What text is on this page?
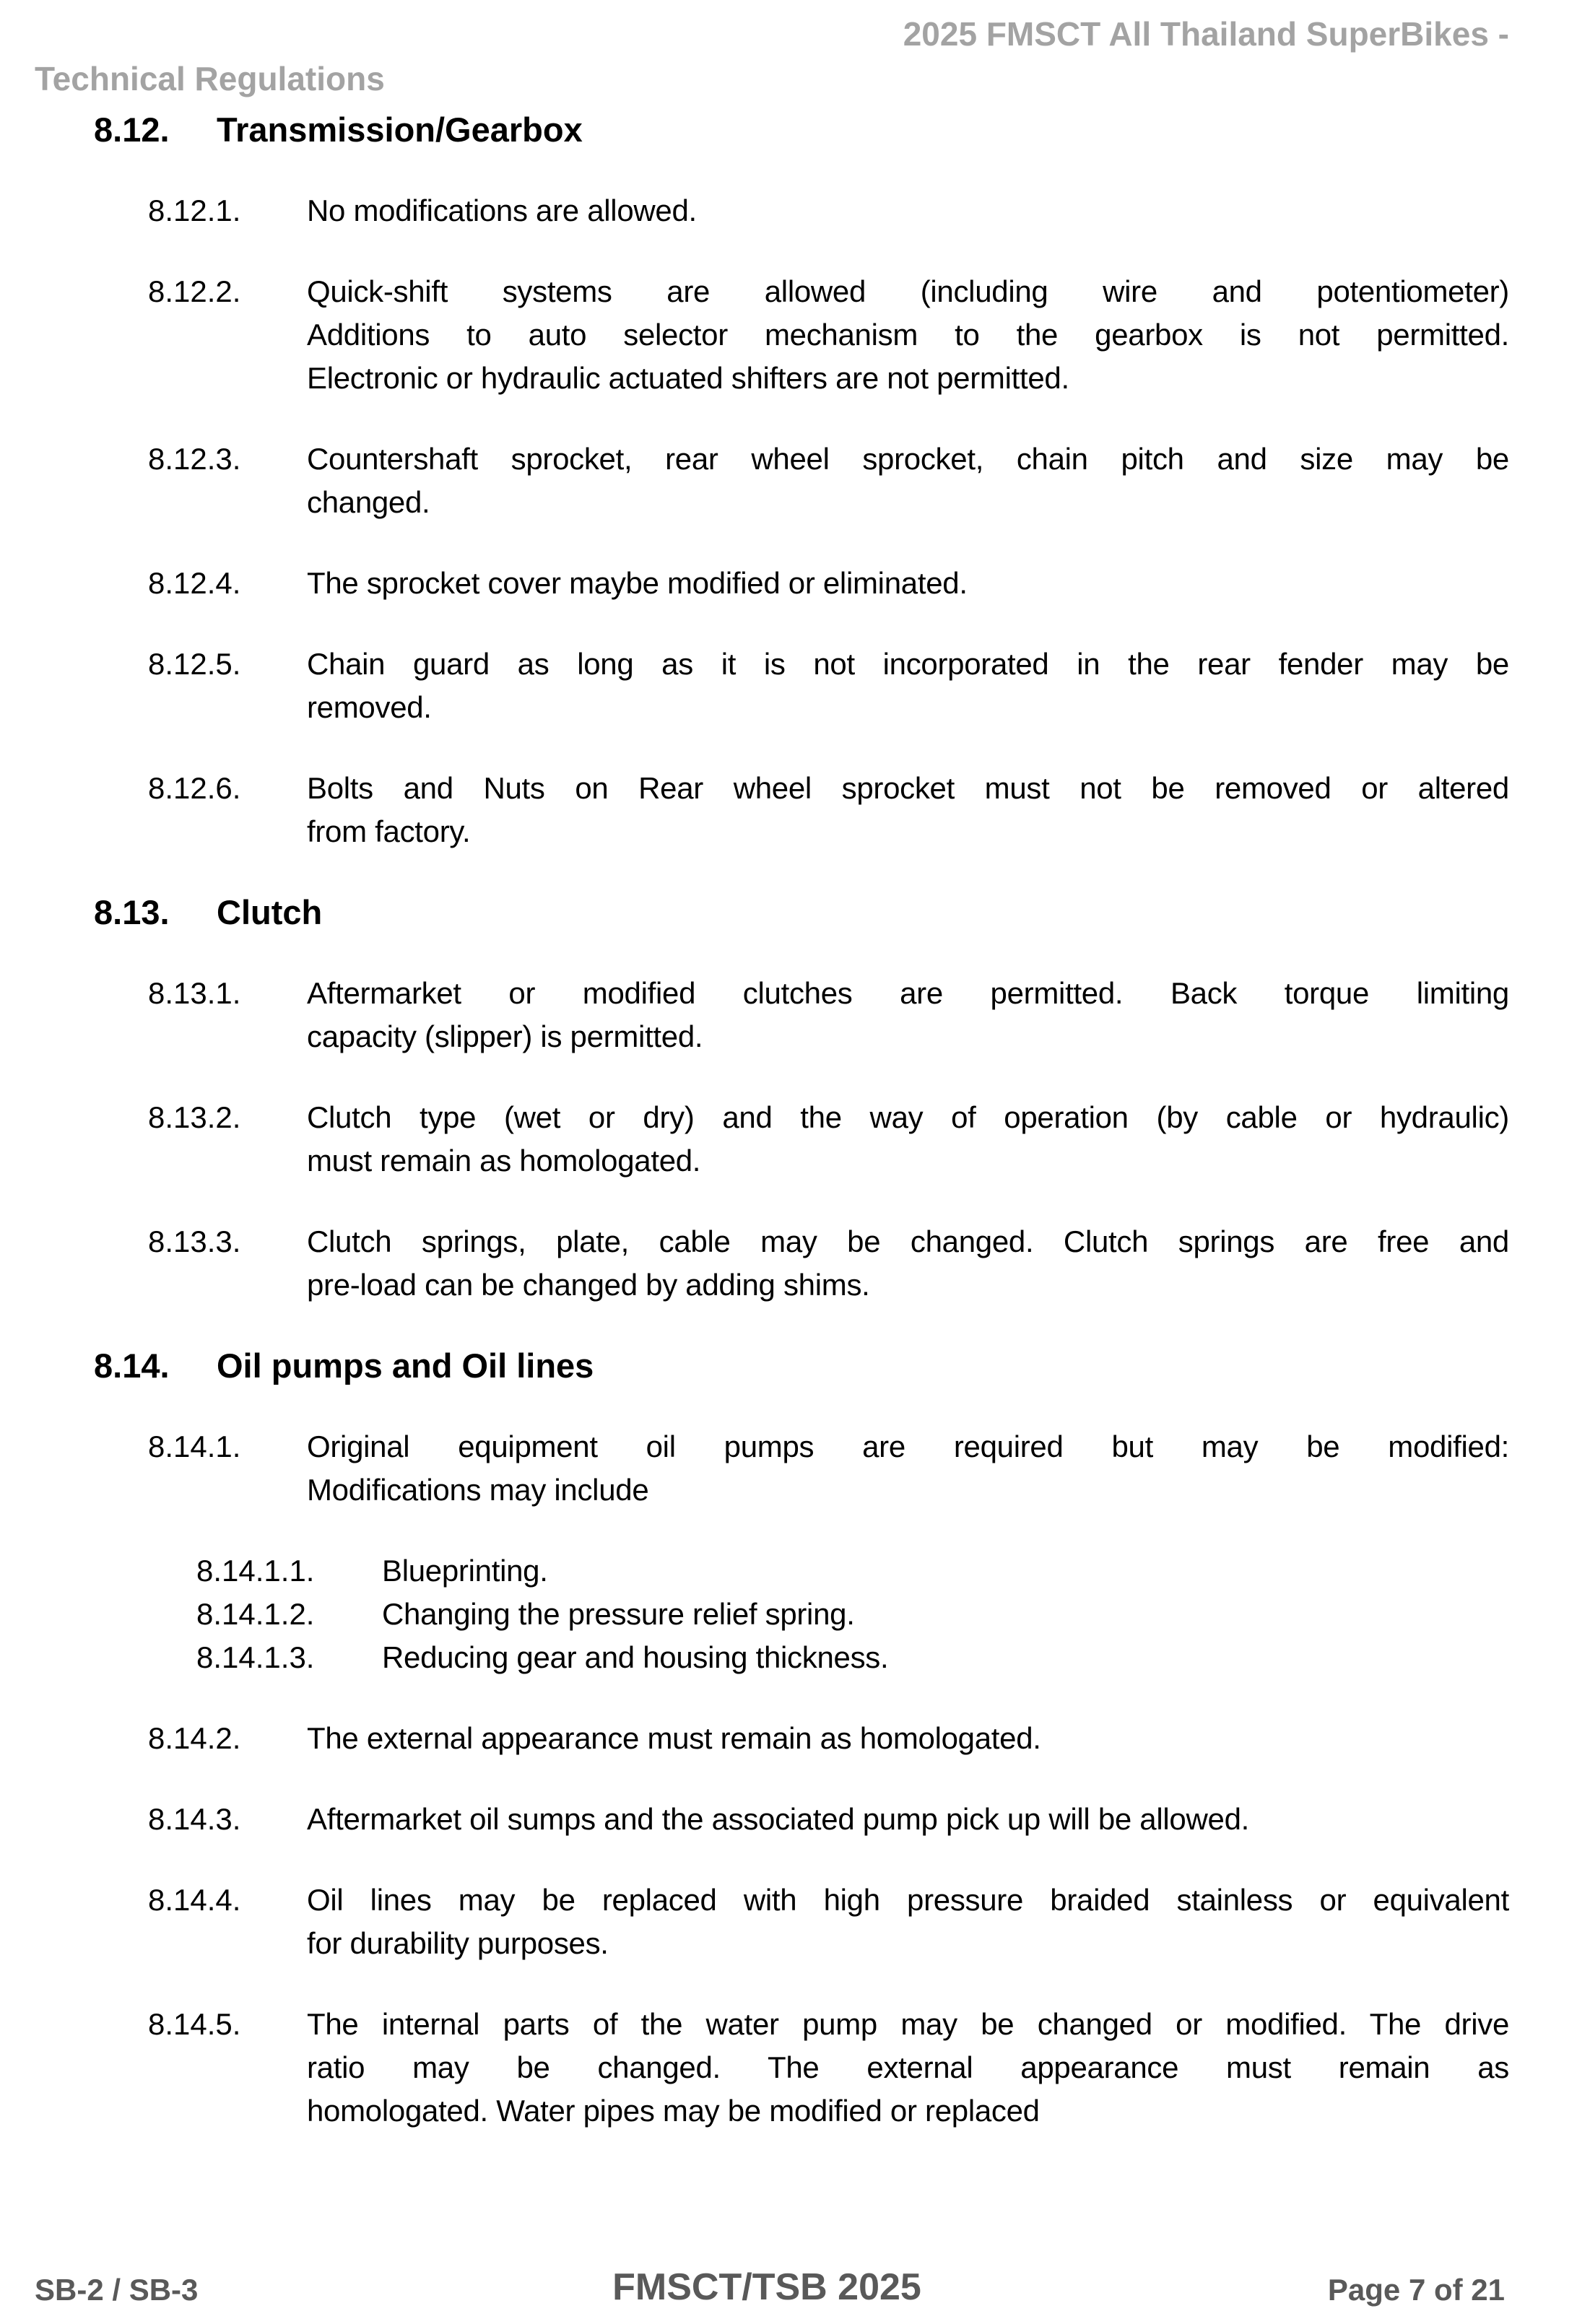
2025 FMSCT All Thailand SuperBikes -
Technical Regulations
8.12.	Transmission/Gearbox
8.12.1.	No modifications are allowed.
8.12.2.	Quick-shift systems are allowed (including wire and potentiometer)
Additions to auto selector mechanism to the gearbox is not permitted.
Electronic or hydraulic actuated shifters are not permitted.
8.12.3.	Countershaft sprocket, rear wheel sprocket, chain pitch and size may be
changed.
8.12.4.	The sprocket cover maybe modified or eliminated.
8.12.5.	Chain guard as long as it is not incorporated in the rear fender may be
removed.
8.12.6.	Bolts and Nuts on Rear wheel sprocket must not be removed or altered
from factory.
8.13.	Clutch
8.13.1.	Aftermarket or modified clutches are permitted. Back torque limiting
capacity (slipper) is permitted.
8.13.2.	Clutch type (wet or dry) and the way of operation (by cable or hydraulic)
must remain as homologated.
8.13.3.	Clutch springs, plate, cable may be changed. Clutch springs are free and
pre-load can be changed by adding shims.
8.14.	Oil pumps and Oil lines
8.14.1.	Original equipment oil pumps are required but may be modified:
Modifications may include
8.14.1.1.	Blueprinting.
8.14.1.2.	Changing the pressure relief spring.
8.14.1.3.	Reducing gear and housing thickness.
8.14.2.	The external appearance must remain as homologated.
8.14.3.	Aftermarket oil sumps and the associated pump pick up will be allowed.
8.14.4.	Oil lines may be replaced with high pressure braided stainless or equivalent
for durability purposes.
8.14.5.	The internal parts of the water pump may be changed or modified. The drive
ratio may be changed. The external appearance must remain as
homologated. Water pipes may be modified or replaced
SB-2 / SB-3	FMSCT/TSB 2025	Page 7 of 21
